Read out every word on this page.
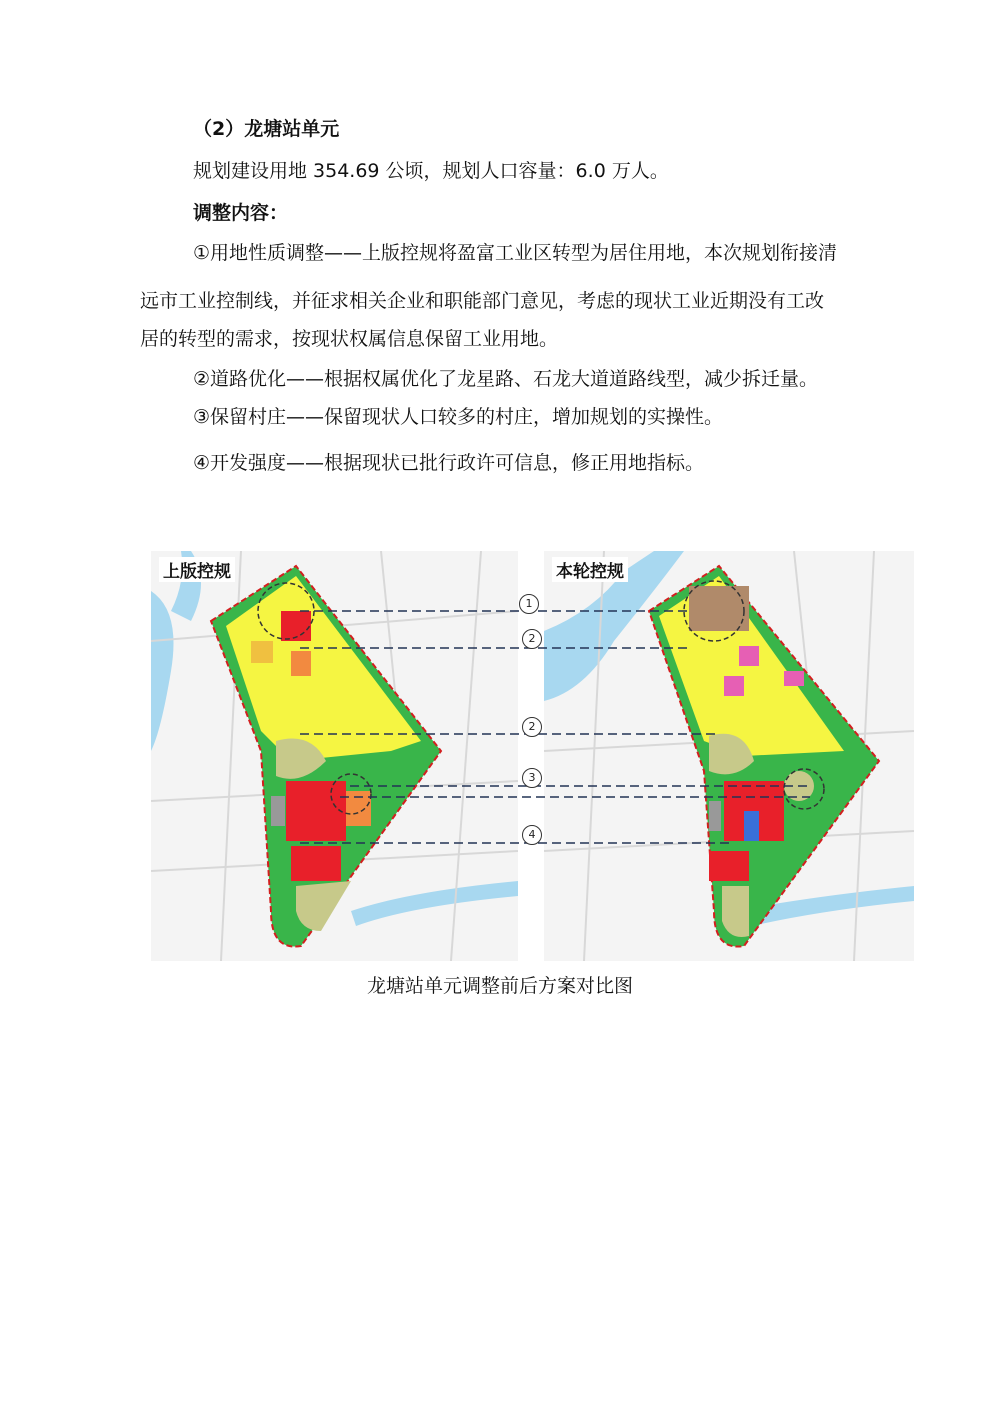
（2）龙塘站单元
规划建设用地 354.69 公顷，规划人口容量：6.0 万人。
调整内容：
①用地性质调整——上版控规将盈富工业区转型为居住用地，本次规划衔接清
远市工业控制线，并征求相关企业和职能部门意见，考虑的现状工业近期没有工改
居的转型的需求，按现状权属信息保留工业用地。
②道路优化——根据权属优化了龙星路、石龙大道道路线型，减少拆迁量。
③保留村庄——保留现状人口较多的村庄，增加规划的实操性。
④开发强度——根据现状已批行政许可信息，修正用地指标。
上版控规	本轮控规
1
2
2
3
4
龙塘站单元调整前后方案对比图
